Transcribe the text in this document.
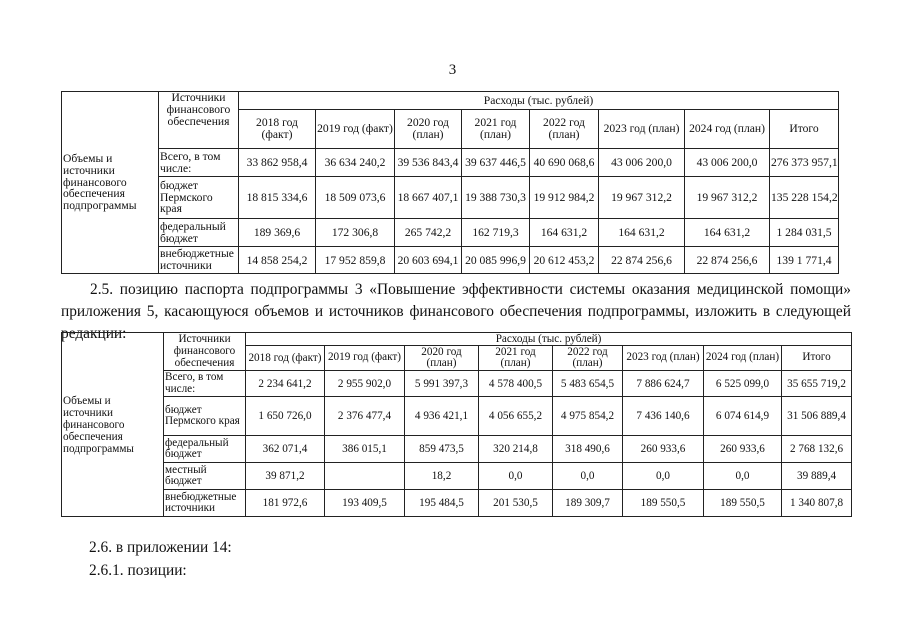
3
Объемы и источники финансового обеспечения подпрограммы	Источники финансового обеспечения	Расходы (тыс. рублей)							
		2018 год (факт)	2019 год (факт)	2020 год (план)	2021 год (план)	2022 год (план)	2023 год (план)	2024 год (план)	Итого
	Всего, в том числе:	33 862 958,4	36 634 240,2	39 536 843,4	39 637 446,5	40 690 068,6	43 006 200,0	43 006 200,0	276 373 957,1
	бюджет Пермского края	18 815 334,6	18 509 073,6	18 667 407,1	19 388 730,3	19 912 984,2	19 967 312,2	19 967 312,2	135 228 154,2
	федеральный бюджет	189 369,6	172 306,8	265 742,2	162 719,3	164 631,2	164 631,2	164 631,2	1 284 031,5
	внебюджетные источники	14 858 254,2	17 952 859,8	20 603 694,1	20 085 996,9	20 612 453,2	22 874 256,6	22 874 256,6	139 1 771,4

2.5. позицию паспорта подпрограммы 3 «Повышение эффективности системы оказания медицинской помощи» приложения 5, касающуюся объемов и источников финансового обеспечения подпрограммы, изложить в следующей редакции:

Объемы и источники финансового обеспечения подпрограммы	Источники финансового обеспечения	Расходы (тыс. рублей)							
		2018 год (факт)	2019 год (факт)	2020 год (план)	2021 год (план)	2022 год (план)	2023 год (план)	2024 год (план)	Итого
	Всего, в том числе:	2 234 641,2	2 955 902,0	5 991 397,3	4 578 400,5	5 483 654,5	7 886 624,7	6 525 099,0	35 655 719,2
	бюджет Пермского края	1 650 726,0	2 376 477,4	4 936 421,1	4 056 655,2	4 975 854,2	7 436 140,6	6 074 614,9	31 506 889,4
	федеральный бюджет	362 071,4	386 015,1	859 473,5	320 214,8	318 490,6	260 933,6	260 933,6	2 768 132,6
	местный бюджет	39 871,2		18,2	0,0	0,0	0,0	0,0	39 889,4
	внебюджетные источники	181 972,6	193 409,5	195 484,5	201 530,5	189 309,7	189 550,5	189 550,5	1 340 807,8

2.6. в приложении 14:

2.6.1. позиции:
